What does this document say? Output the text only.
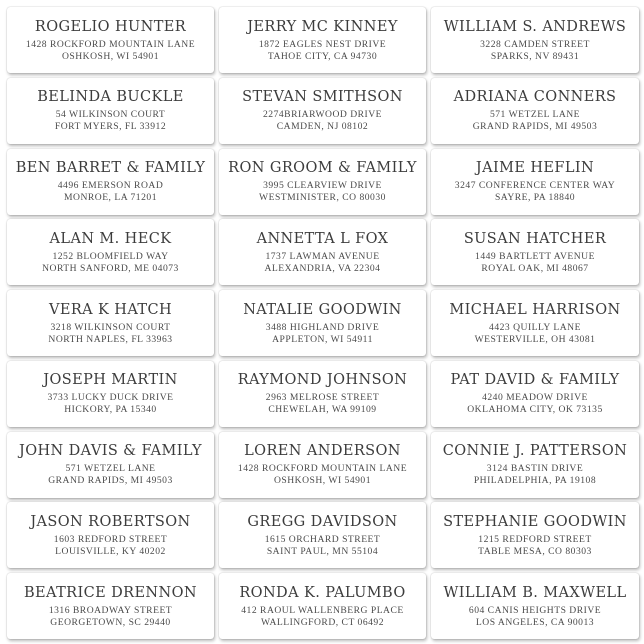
ROGELIO HUNTER
1428 ROCKFORD MOUNTAIN LANE
OSHKOSH, WI 54901
JERRY MC KINNEY
1872 EAGLES NEST DRIVE
TAHOE CITY, CA 94730
WILLIAM S. ANDREWS
3228 CAMDEN STREET
SPARKS, NV 89431
BELINDA BUCKLE
54 WILKINSON COURT
FORT MYERS, FL 33912
STEVAN SMITHSON
2274BRIARWOOD DRIVE
CAMDEN, NJ 08102
ADRIANA CONNERS
571 WETZEL LANE
GRAND RAPIDS, MI 49503
BEN BARRET & FAMILY
4496 EMERSON ROAD
MONROE, LA 71201
RON GROOM & FAMILY
3995 CLEARVIEW DRIVE
WESTMINISTER, CO 80030
JAIME HEFLIN
3247 CONFERENCE CENTER WAY
SAYRE, PA 18840
ALAN M. HECK
1252 BLOOMFIELD WAY
NORTH SANFORD, ME 04073
ANNETTA L FOX
1737 LAWMAN AVENUE
ALEXANDRIA, VA 22304
SUSAN HATCHER
1449 BARTLETT AVENUE
ROYAL OAK, MI 48067
VERA K HATCH
3218 WILKINSON COURT
NORTH NAPLES, FL 33963
NATALIE GOODWIN
3488 HIGHLAND DRIVE
APPLETON, WI 54911
MICHAEL HARRISON
4423 QUILLY LANE
WESTERVILLE, OH 43081
JOSEPH MARTIN
3733 LUCKY DUCK DRIVE
HICKORY, PA 15340
RAYMOND JOHNSON
2963 MELROSE STREET
CHEWELAH, WA 99109
PAT DAVID & FAMILY
4240 MEADOW DRIVE
OKLAHOMA CITY, OK 73135
JOHN DAVIS & FAMILY
571 WETZEL LANE
GRAND RAPIDS, MI 49503
LOREN ANDERSON
1428 ROCKFORD MOUNTAIN LANE
OSHKOSH, WI 54901
CONNIE J. PATTERSON
3124 BASTIN DRIVE
PHILADELPHIA, PA 19108
JASON ROBERTSON
1603 REDFORD STREET
LOUISVILLE, KY 40202
GREGG DAVIDSON
1615 ORCHARD STREET
SAINT PAUL, MN 55104
STEPHANIE GOODWIN
1215 REDFORD STREET
TABLE MESA, CO 80303
BEATRICE DRENNON
1316 BROADWAY STREET
GEORGETOWN, SC 29440
RONDA K. PALUMBO
412 RAOUL WALLENBERG PLACE
WALLINGFORD, CT 06492
WILLIAM B. MAXWELL
604 CANIS HEIGHTS DRIVE
LOS ANGELES, CA 90013
